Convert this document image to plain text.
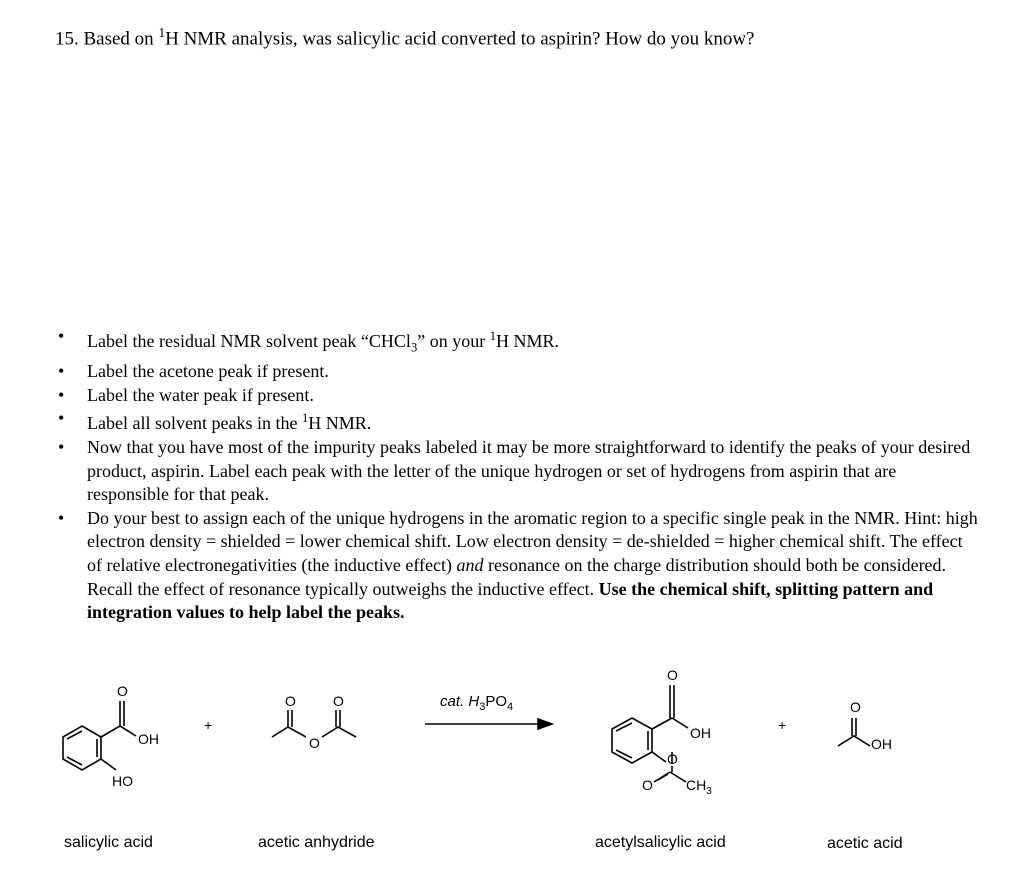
15. Based on $^1$H NMR analysis, was salicylic acid converted to aspirin? How do you know?
• Label the residual NMR solvent peak “CHCl$_3$” on your $^1$H NMR.
• Label the acetone peak if present.
• Label the water peak if present.
• Label all solvent peaks in the $^1$H NMR.
• Now that you have most of the impurity peaks labeled it may be more straightforward to identify the peaks of your desired product, aspirin. Label each peak with the letter of the unique hydrogen or set of hydrogens from aspirin that are responsible for that peak.
• Do your best to assign each of the unique hydrogens in the aromatic region to a specific single peak in the NMR. Hint: high electron density = shielded = lower chemical shift. Low electron density = de-shielded = higher chemical shift. The effect of relative electronegativities (the inductive effect) and resonance on the charge distribution should both be considered. Recall the effect of resonance typically outweighs the inductive effect. Use the chemical shift, splitting pattern and integration values to help label the peaks.
O
OH
HO
+
O	O
O
cat. $H_3PO_4$
O
OH
O
O $CH_3$
+
O
OH
salicylic acid	acetic anhydride	acetylsalicylic acid	acetic acid
